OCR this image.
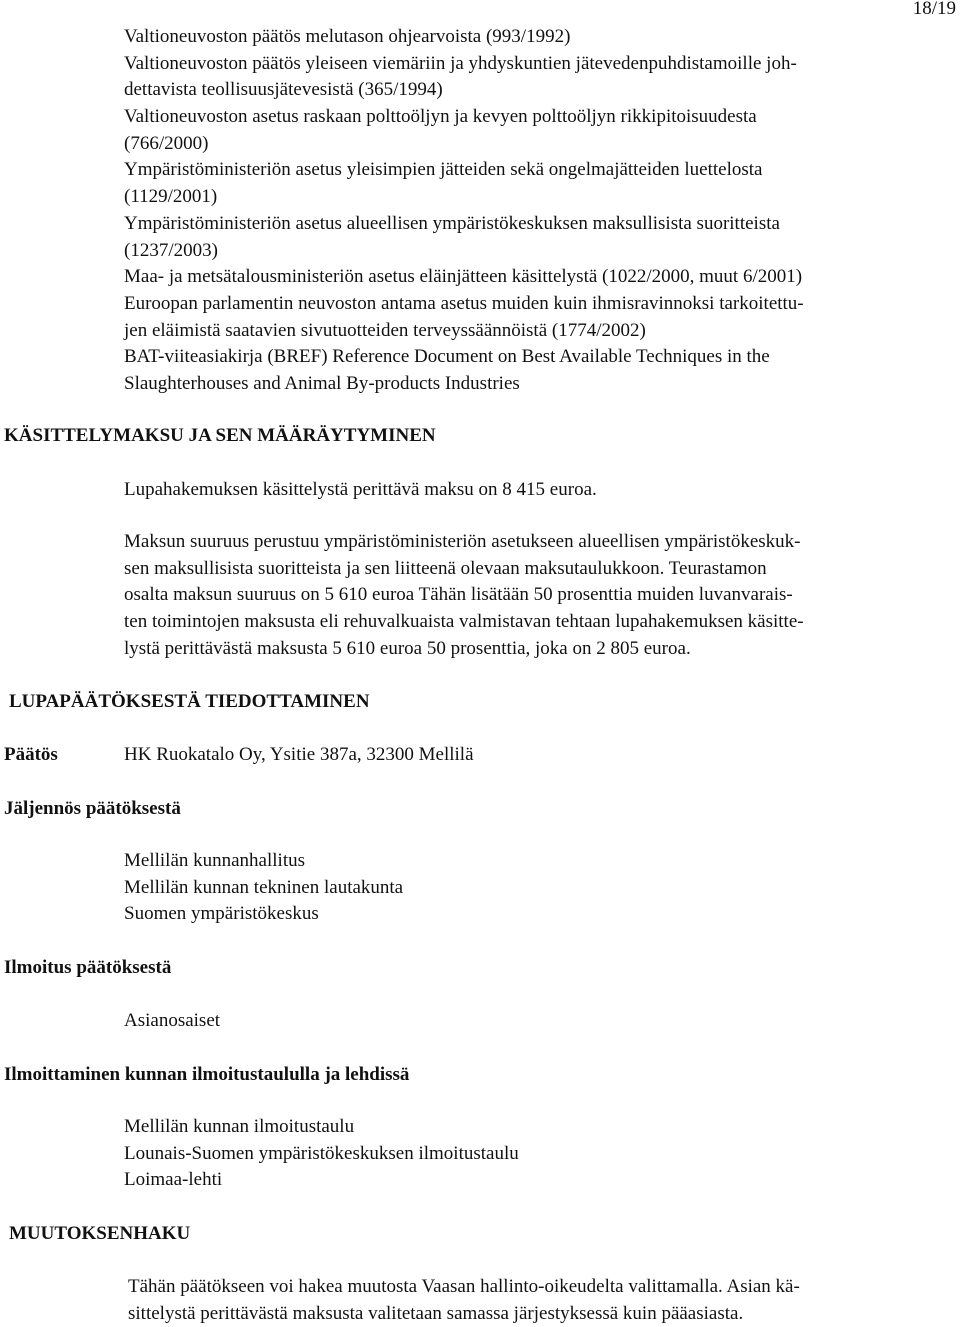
18/19
Valtioneuvoston päätös melutason ohjearvoista (993/1992)
Valtioneuvoston päätös yleiseen viemäriin ja yhdyskuntien jätevedenpuhdistamoille joh-
dettavista teollisuusjätevesistä (365/1994)
Valtioneuvoston asetus raskaan polttoöljyn ja kevyen polttoöljyn rikkipitoisuudesta
(766/2000)
Ympäristöministeriön asetus yleisimpien jätteiden sekä ongelmajätteiden luettelosta
(1129/2001)
Ympäristöministeriön asetus alueellisen ympäristökeskuksen maksullisista suoritteista
(1237/2003)
Maa- ja metsätalousministeriön asetus eläinjätteen käsittelystä (1022/2000, muut 6/2001)
Euroopan parlamentin neuvoston antama asetus muiden kuin ihmisravinnoksi tarkoitettu-
jen eläimistä saatavien sivutuotteiden terveyssäännöistä (1774/2002)
BAT-viiteasiakirja (BREF) Reference Document on Best Available Techniques in the
Slaughterhouses and Animal By-products Industries
KÄSITTELYMAKSU JA SEN MÄÄRÄYTYMINEN
Lupahakemuksen käsittelystä perittävä maksu on 8 415 euroa.
Maksun suuruus perustuu ympäristöministeriön asetukseen alueellisen ympäristökeskuk-
sen maksullisista suoritteista ja sen liitteenä olevaan maksutaulukkoon. Teurastamon
osalta maksun suuruus on 5 610 euroa Tähän lisätään 50 prosenttia muiden luvanvarais-
ten toimintojen maksusta eli rehuvalkuaista valmistavan tehtaan lupahakemuksen käsitte-
lystä perittävästä maksusta 5 610 euroa 50 prosenttia, joka on 2 805 euroa.
LUPAPÄÄTÖKSESTÄ TIEDOTTAMINEN
Päätös	HK Ruokatalo Oy, Ysitie 387a, 32300 Mellilä
Jäljennös päätöksestä
Mellilän kunnanhallitus
Mellilän kunnan tekninen lautakunta
Suomen ympäristökeskus
Ilmoitus päätöksestä
Asianosaiset
Ilmoittaminen kunnan ilmoitustaululla ja lehdissä
Mellilän kunnan ilmoitustaulu
Lounais-Suomen ympäristökeskuksen ilmoitustaulu
Loimaa-lehti
MUUTOKSENHAKU
Tähän päätökseen voi hakea muutosta Vaasan hallinto-oikeudelta valittamalla. Asian kä-
sittelystä perittävästä maksusta valitetaan samassa järjestyksessä kuin pääasiasta.
